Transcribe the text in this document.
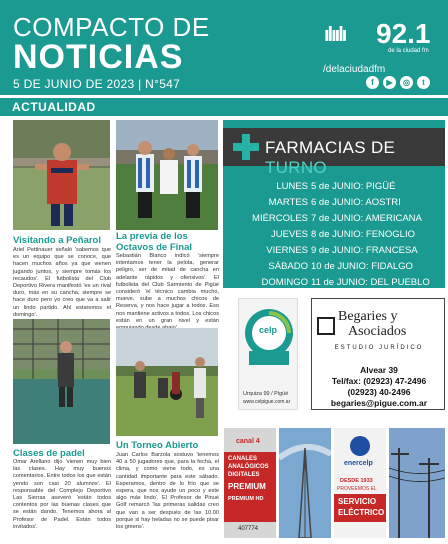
COMPACTO DE
NOTICIAS
5 DE JUNIO DE 2023 | N°547
ılıılı 92.1
de la ciudad fm
/delaciudadfm
f	▶	◎	t
ACTUALIDAD
Visitando a Peñarol
Ariel Pettinauer señaló 'sabemos que es un equipo que se conoce, que hacen muchos años ya que vienen jugando juntos, y siempre tomás los recaudos'. El futbolista del Club Deportivo Rivera manifestó 'es un rival duro, más en su cancha, siempre se hace duro pero yo creo que va a salir un lindo partido. Ahí estaremos el domingo'.
La previa de los
Octavos de Final
Sebastián Blanco indicó 'siempre intentamos tener la pelota, generar peligro, ser de mitad de cancha en adelante rápidos y ofensivos'. El futbolista del Club Sarmiento de Pigüé consideró 'el técnico cambia mucho, mueve, sube a muchos chicos de Reserva, y nos hace jugar a todos. Eso nos mantiene activos a todos. Los chicos están en un gran nivel y están
Clases de padel
Omar Arellano dijo 'vienen muy bien las clases. Hay muy buenos comentarios. Entre todos los que están yendo son casi 20 alumnos'. El responsable del Complejo Deportivo Las Sierras aseveró 'están todos contentos por las buenas clases que se están dando. Tenemos ahora al Profesor de Padel. Están todos invitados'.
Un Torneo Abierto
Juan Carlos Barzola sostuvo 'tenemos 40 a 50 jugadores que, para la fecha, el clima, y como viene todo, es una cantidad importante para este sábado. Esperamos, dentro de lo frío que se espera, que nos ayude un poco y este algo más lindo'. El Profesor de Pinué Golf remarcó 'las primeras salidas creo que van a ser después de las 10.00 porque si hay heladas no se puede pisar los greens'.
FARMACIAS DE TURNO
LUNES 5 de JUNIO: PIGÜÉ
MARTES 6 de JUNIO: AOSTRI
MIÉRCOLES 7 de JUNIO: AMERICANA
JUEVES 8 de JUNIO: FENOGLIO
VIERNES 9 de JUNIO: FRANCESA
SÁBADO 10 de JUNIO: FIDALGO
DOMINGO 11 de JUNIO: DEL PUEBLO
celp
Urquiza 99 / Pigüé
www.celpigue.com.ar
Begaries y
Asociados
ESTUDIO JURÍDICO
Alvear 39
Tel/fax: (02923) 47-2496
(02923) 40-2496
begaries@pigue.com.ar
canal 4
CANALES
ANALÓGICOS
DIGITALES
PREMIUM
PREMIUM HD
407774
enercelp
DESDE 1933
PROVEEMOS EL
SERVICIO
ELÉCTRICO
